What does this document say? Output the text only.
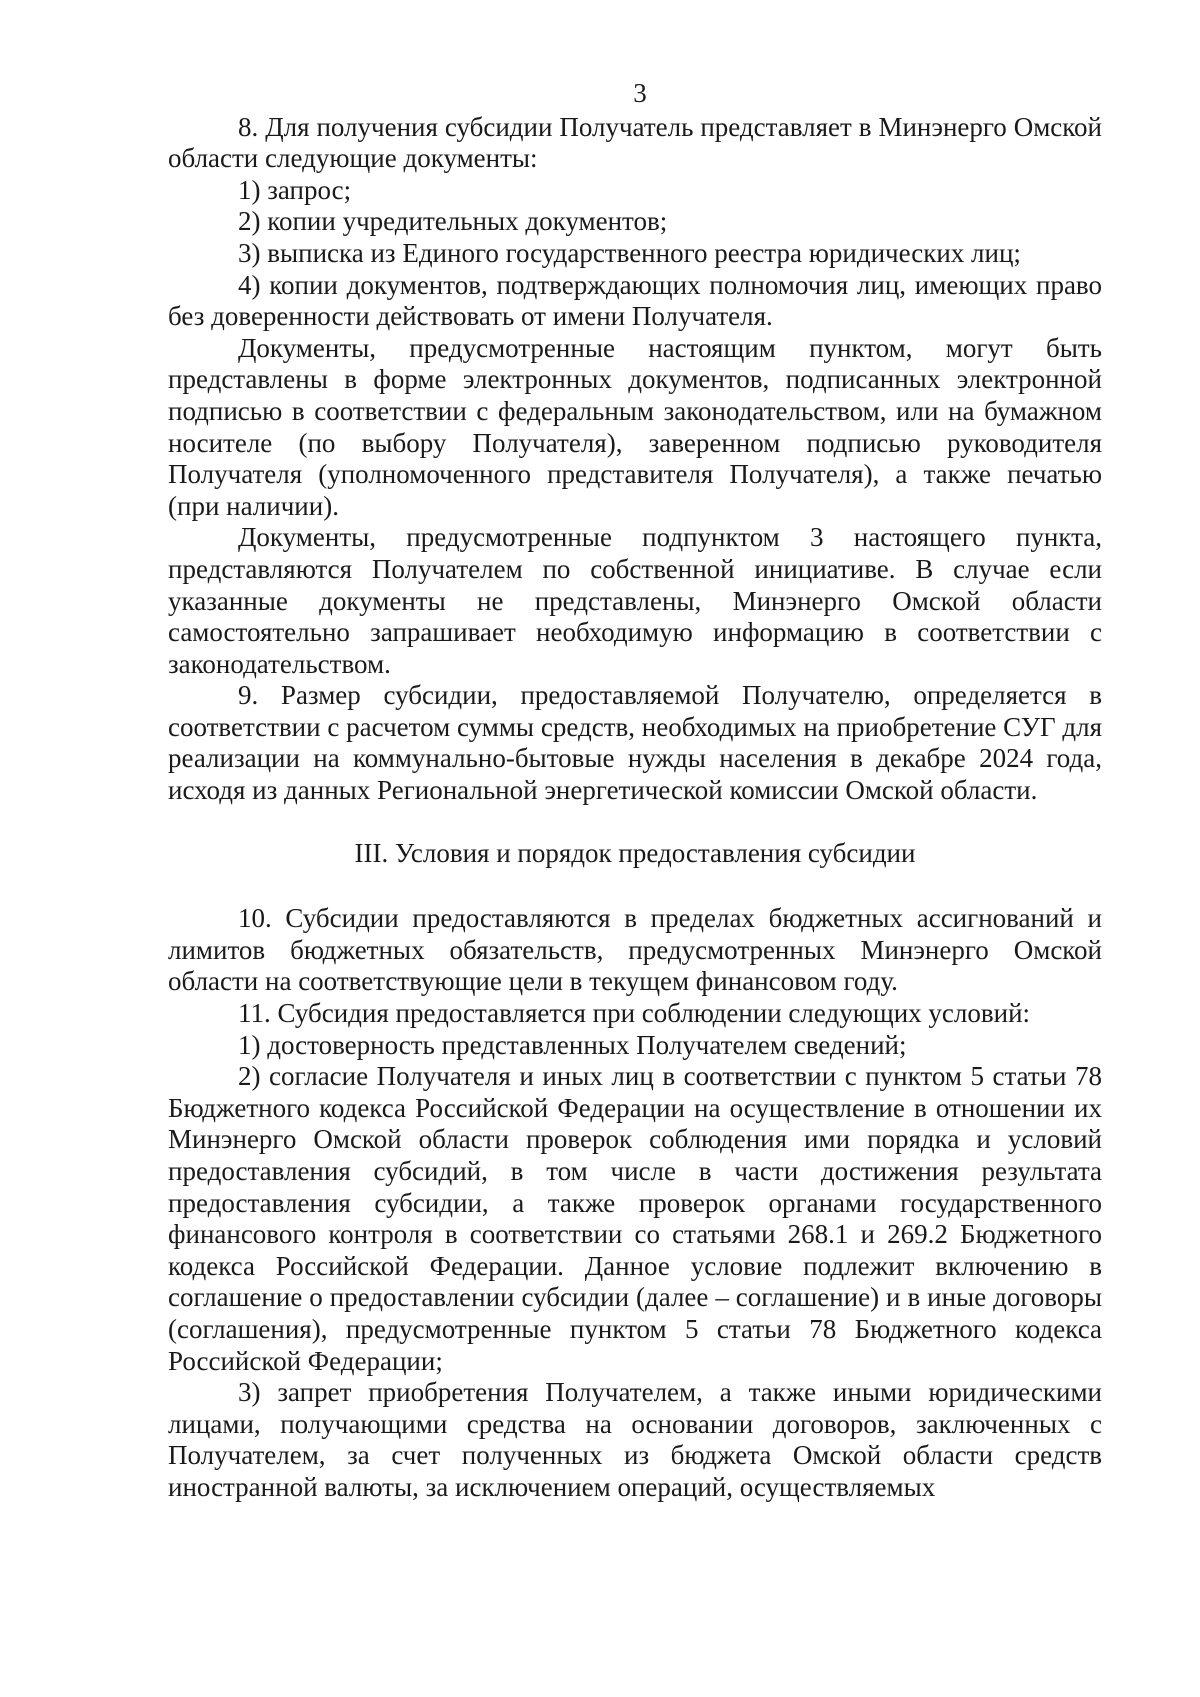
3

8. Для получения субсидии Получатель представляет в Минэнерго Омской области следующие документы:

1) запрос;

2) копии учредительных документов;

3) выписка из Единого государственного реестра юридических лиц;

4) копии документов, подтверждающих полномочия лиц, имеющих право без доверенности действовать от имени Получателя.

Документы, предусмотренные настоящим пунктом, могут быть представлены в форме электронных документов, подписанных электронной подписью в соответствии с федеральным законодательством, или на бумажном носителе (по выбору Получателя), заверенном подписью руководителя Получателя (уполномоченного представителя Получателя), а также печатью (при наличии).

Документы, предусмотренные подпунктом 3 настоящего пункта, представляются Получателем по собственной инициативе. В случае если указанные документы не представлены, Минэнерго Омской области самостоятельно запрашивает необходимую информацию в соответствии с законодательством.

9. Размер субсидии, предоставляемой Получателю, определяется в соответствии с расчетом суммы средств, необходимых на приобретение СУГ для реализации на коммунально-бытовые нужды населения в декабре 2024 года, исходя из данных Региональной энергетической комиссии Омской области.

III. Условия и порядок предоставления субсидии

10. Субсидии предоставляются в пределах бюджетных ассигнований и лимитов бюджетных обязательств, предусмотренных Минэнерго Омской области на соответствующие цели в текущем финансовом году.

11. Субсидия предоставляется при соблюдении следующих условий:

1) достоверность представленных Получателем сведений;

2) согласие Получателя и иных лиц в соответствии с пунктом 5 статьи 78 Бюджетного кодекса Российской Федерации на осуществление в отношении их Минэнерго Омской области проверок соблюдения ими порядка и условий предоставления субсидий, в том числе в части достижения результата предоставления субсидии, а также проверок органами государственного финансового контроля в соответствии со статьями 268.1 и 269.2 Бюджетного кодекса Российской Федерации. Данное условие подлежит включению в соглашение о предоставлении субсидии (далее – соглашение) и в иные договоры (соглашения), предусмотренные пунктом 5 статьи 78 Бюджетного кодекса Российской Федерации;

3) запрет приобретения Получателем, а также иными юридическими лицами, получающими средства на основании договоров, заключенных с Получателем, за счет полученных из бюджета Омской области средств иностранной валюты, за исключением операций, осуществляемых
